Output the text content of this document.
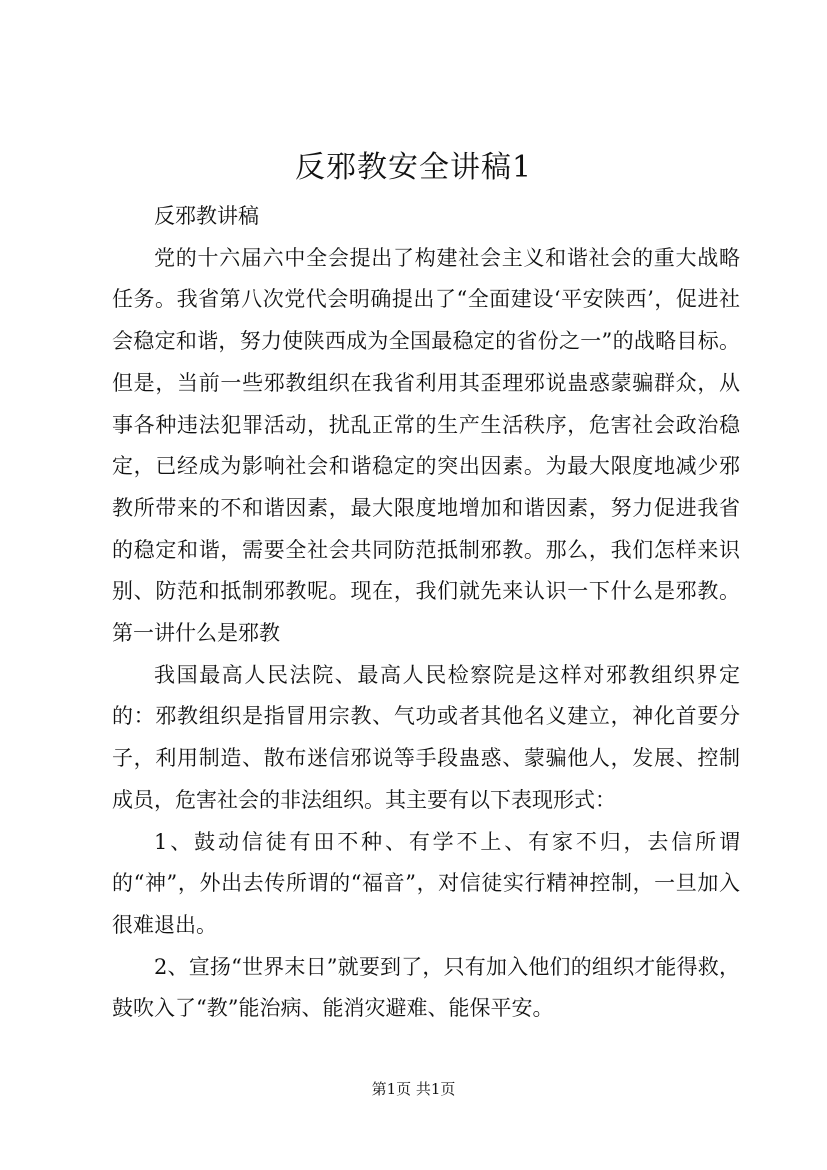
反邪教安全讲稿1

反邪教讲稿

党的十六届六中全会提出了构建社会主义和谐社会的重大战略任务。我省第八次党代会明确提出了“全面建设‘平安陕西’，促进社会稳定和谐，努力使陕西成为全国最稳定的省份之一”的战略目标。但是，当前一些邪教组织在我省利用其歪理邪说蛊惑蒙骗群众，从事各种违法犯罪活动，扰乱正常的生产生活秩序，危害社会政治稳定，已经成为影响社会和谐稳定的突出因素。为最大限度地减少邪教所带来的不和谐因素，最大限度地增加和谐因素，努力促进我省的稳定和谐，需要全社会共同防范抵制邪教。那么，我们怎样来识别、防范和抵制邪教呢。现在，我们就先来认识一下什么是邪教。第一讲什么是邪教

我国最高人民法院、最高人民检察院是这样对邪教组织界定的：邪教组织是指冒用宗教、气功或者其他名义建立，神化首要分子，利用制造、散布迷信邪说等手段蛊惑、蒙骗他人，发展、控制成员，危害社会的非法组织。其主要有以下表现形式：

1、鼓动信徒有田不种、有学不上、有家不归，去信所谓的“神”，外出去传所谓的“福音”，对信徒实行精神控制，一旦加入很难退出。

2、宣扬“世界末日”就要到了，只有加入他们的组织才能得救，鼓吹入了“教”能治病、能消灾避难、能保平安。

第1页 共1页
